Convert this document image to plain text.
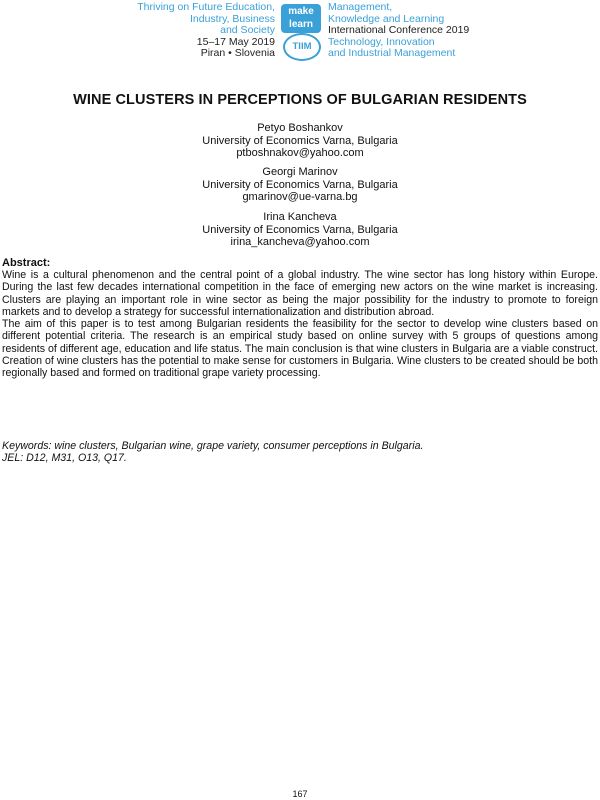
Thriving on Future Education,
Industry, Business
and Society
15–17 May 2019
Piran • Slovenia
make
learn
TIIM
Management,
Knowledge and Learning
International Conference 2019
Technology, Innovation
and Industrial Management
WINE CLUSTERS IN PERCEPTIONS OF BULGARIAN RESIDENTS
Petyo Boshankov
University of Economics Varna, Bulgaria
ptboshnakov@yahoo.com
Georgi Marinov
University of Economics Varna, Bulgaria
gmarinov@ue-varna.bg
Irina Kancheva
University of Economics Varna, Bulgaria
irina_kancheva@yahoo.com
Abstract:

Wine is a cultural phenomenon and the central point of a global industry. The wine sector has long history within Europe. During the last few decades international competition in the face of emerging new actors on the wine market is increasing. Clusters are playing an important role in wine sector as being the major possibility for the industry to promote to foreign markets and to develop a strategy for successful internationalization and distribution abroad.

The aim of this paper is to test among Bulgarian residents the feasibility for the sector to develop wine clusters based on different potential criteria. The research is an empirical study based on online survey with 5 groups of questions among residents of different age, education and life status. The main conclusion is that wine clusters in Bulgaria are a viable construct. Creation of wine clusters has the potential to make sense for customers in Bulgaria. Wine clusters to be created should be both regionally based and formed on traditional grape variety processing.

Keywords: wine clusters, Bulgarian wine, grape variety, consumer perceptions in Bulgaria.
JEL: D12, M31, O13, Q17.
167
